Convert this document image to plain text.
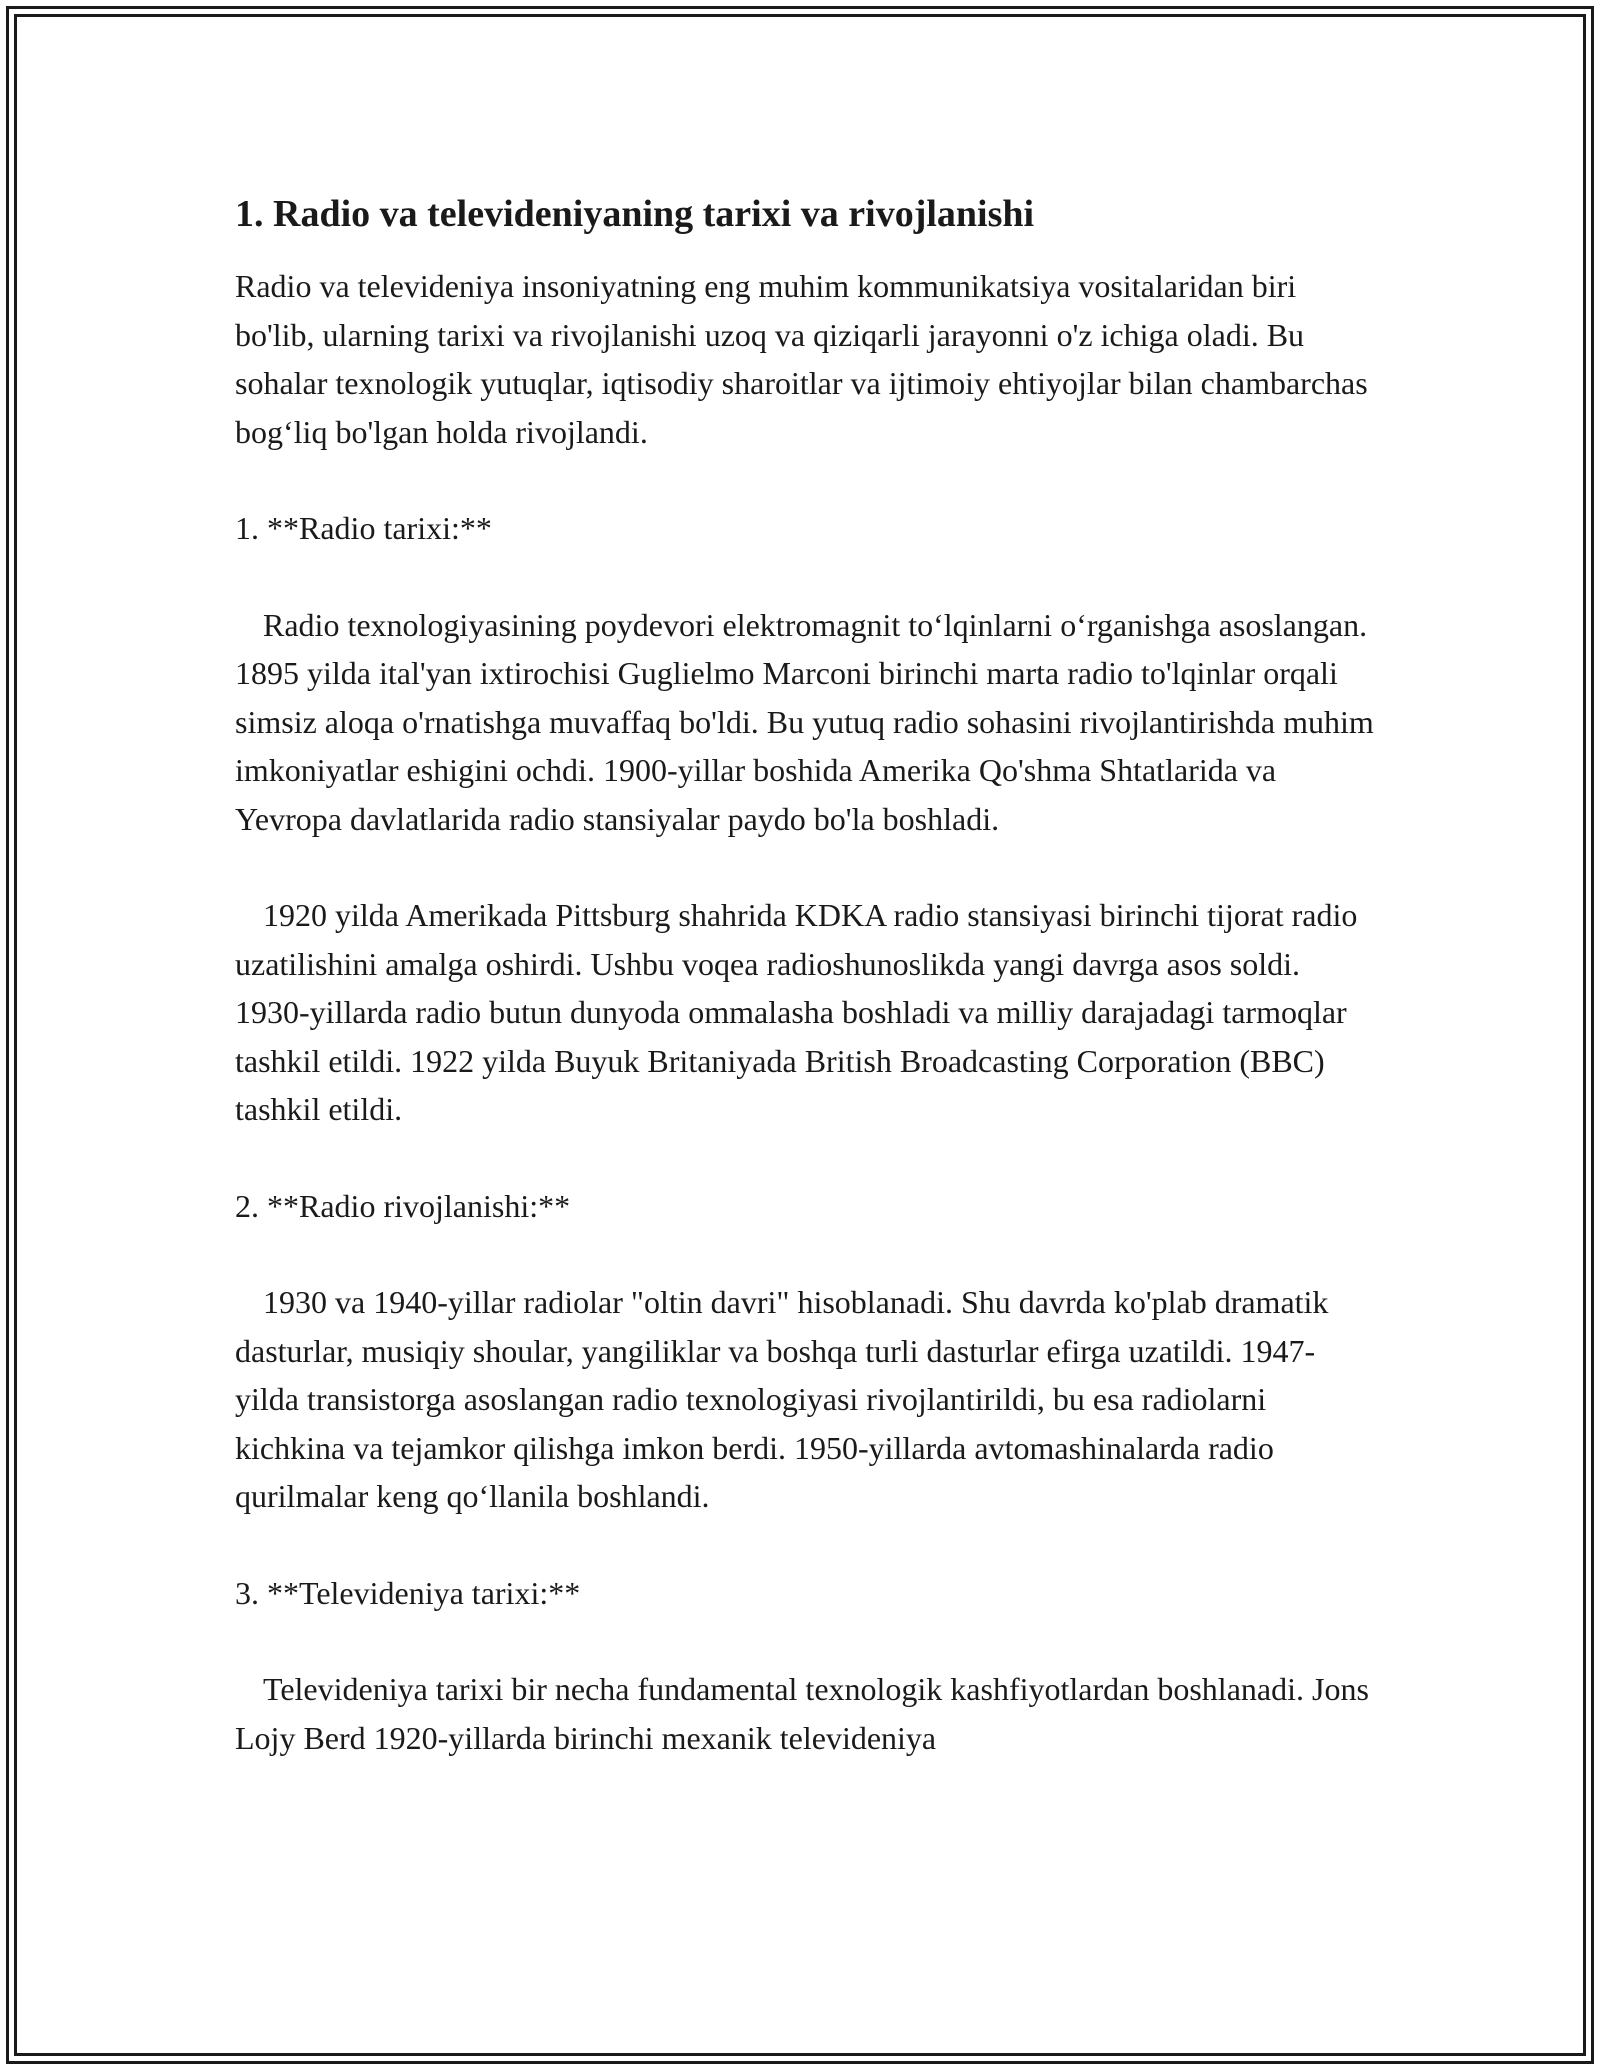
1. Radio va televideniyaning tarixi va rivojlanishi

Radio va televideniya insoniyatning eng muhim kommunikatsiya vositalaridan biri bo'lib, ularning tarixi va rivojlanishi uzoq va qiziqarli jarayonni o'z ichiga oladi. Bu sohalar texnologik yutuqlar, iqtisodiy sharoitlar va ijtimoiy ehtiyojlar bilan chambarchas bog‘liq bo'lgan holda rivojlandi.

1. **Radio tarixi:**

Radio texnologiyasining poydevori elektromagnit to‘lqinlarni o‘rganishga asoslangan. 1895 yilda ital'yan ixtirochisi Guglielmo Marconi birinchi marta radio to'lqinlar orqali simsiz aloqa o'rnatishga muvaffaq bo'ldi. Bu yutuq radio sohasini rivojlantirishda muhim imkoniyatlar eshigini ochdi. 1900-yillar boshida Amerika Qo'shma Shtatlarida va Yevropa davlatlarida radio stansiyalar paydo bo'la boshladi.

1920 yilda Amerikada Pittsburg shahrida KDKA radio stansiyasi birinchi tijorat radio uzatilishini amalga oshirdi. Ushbu voqea radioshunoslikda yangi davrga asos soldi. 1930-yillarda radio butun dunyoda ommalasha boshladi va milliy darajadagi tarmoqlar tashkil etildi. 1922 yilda Buyuk Britaniyada British Broadcasting Corporation (BBC) tashkil etildi.

2. **Radio rivojlanishi:**

1930 va 1940-yillar radiolar "oltin davri" hisoblanadi. Shu davrda ko'plab dramatik dasturlar, musiqiy shoular, yangiliklar va boshqa turli dasturlar efirga uzatildi. 1947-yilda transistorga asoslangan radio texnologiyasi rivojlantirildi, bu esa radiolarni kichkina va tejamkor qilishga imkon berdi. 1950-yillarda avtomashinalarda radio qurilmalar keng qo‘llanila boshlandi.

3. **Televideniya tarixi:**

Televideniya tarixi bir necha fundamental texnologik kashfiyotlardan boshlanadi. Jons Lojy Berd 1920-yillarda birinchi mexanik televideniya
